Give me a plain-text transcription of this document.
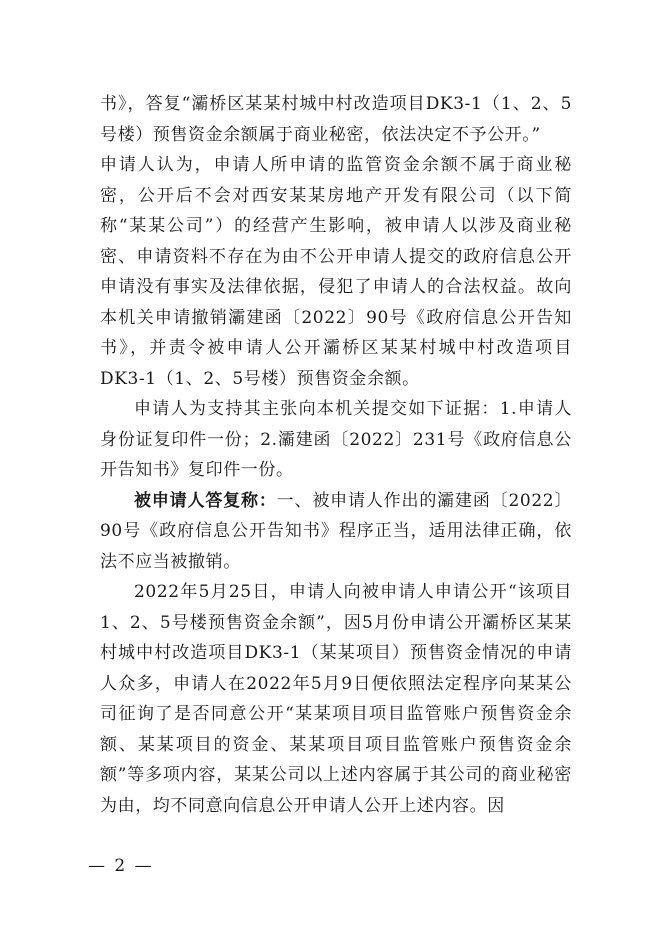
书》，答复“灞桥区某某村城中村改造项目DK3-1（1、2、5号楼）预售资金余额属于商业秘密，依法决定不予公开。”

申请人认为，申请人所申请的监管资金余额不属于商业秘密，公开后不会对西安某某房地产开发有限公司（以下简称“某某公司”）的经营产生影响，被申请人以涉及商业秘密、申请资料不存在为由不公开申请人提交的政府信息公开申请没有事实及法律依据，侵犯了申请人的合法权益。故向本机关申请撤销灞建函〔2022〕90号《政府信息公开告知书》，并责令被申请人公开灞桥区某某村城中村改造项目DK3-1（1、2、5号楼）预售资金余额。

申请人为支持其主张向本机关提交如下证据：1.申请人身份证复印件一份；2.灞建函〔2022〕231号《政府信息公开告知书》复印件一份。

被申请人答复称：一、被申请人作出的灞建函〔2022〕90号《政府信息公开告知书》程序正当，适用法律正确，依法不应当被撤销。

2022年5月25日，申请人向被申请人申请公开“该项目1、2、5号楼预售资金余额”，因5月份申请公开灞桥区某某村城中村改造项目DK3-1（某某项目）预售资金情况的申请人众多，申请人在2022年5月9日便依照法定程序向某某公司征询了是否同意公开“某某项目项目监管账户预售资金余额、某某项目的资金、某某项目项目监管账户预售资金余额”等多项内容，某某公司以上述内容属于其公司的商业秘密为由，均不同意向信息公开申请人公开上述内容。因

— 2 —
